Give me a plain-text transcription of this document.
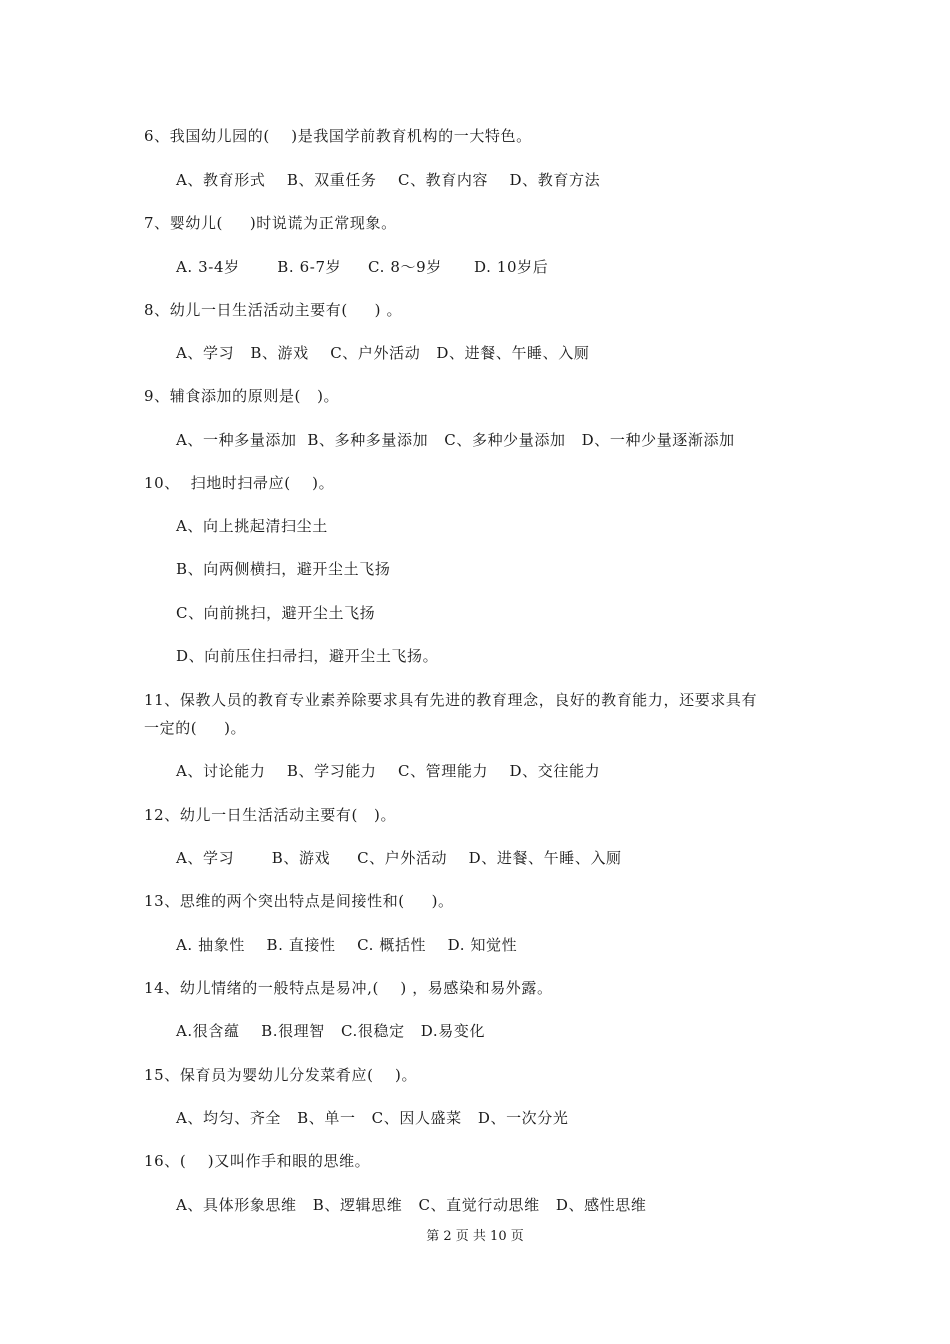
6、我国幼儿园的(    )是我国学前教育机构的一大特色。
A、教育形式    B、双重任务    C、教育内容    D、教育方法
7、婴幼儿(     )时说谎为正常现象。
A. 3-4岁       B. 6-7岁     C. 8～9岁      D. 10岁后
8、幼儿一日生活活动主要有(     ) 。
A、学习   B、游戏    C、户外活动   D、进餐、午睡、入厕
9、辅食添加的原则是(   )。
A、一种多量添加  B、多种多量添加   C、多种少量添加   D、一种少量逐渐添加
10、  扫地时扫帚应(    )。
A、向上挑起清扫尘土
B、向两侧横扫，避开尘土飞扬
C、向前挑扫，避开尘土飞扬
D、向前压住扫帚扫，避开尘土飞扬。
11、保教人员的教育专业素养除要求具有先进的教育理念，良好的教育能力，还要求具有
一定的(     )。
A、讨论能力    B、学习能力    C、管理能力    D、交往能力
12、幼儿一日生活活动主要有(   )。
A、学习       B、游戏     C、户外活动    D、进餐、午睡、入厕
13、思维的两个突出特点是间接性和(     )。
A. 抽象性    B. 直接性    C. 概括性    D. 知觉性
14、幼儿情绪的一般特点是易冲,(    ) ，易感染和易外露。
A.很含蕴    B.很理智   C.很稳定   D.易变化
15、保育员为婴幼儿分发菜肴应(    )。
A、均匀、齐全   B、单一   C、因人盛菜   D、一次分光
16、(    )又叫作手和眼的思维。
A、具体形象思维   B、逻辑思维   C、直觉行动思维   D、感性思维
第 2 页 共 10 页
